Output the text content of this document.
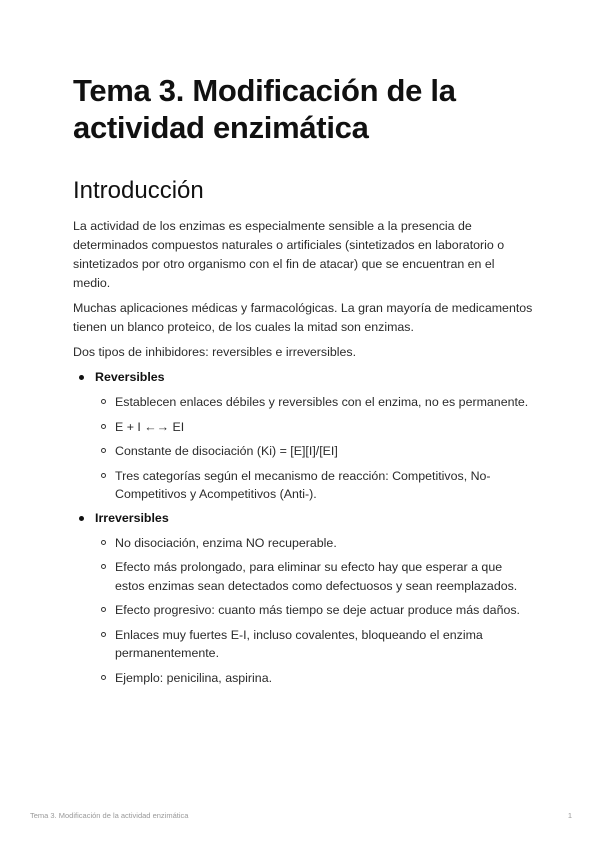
Tema 3. Modificación de la actividad enzimática
Introducción

La actividad de los enzimas es especialmente sensible a la presencia de determinados compuestos naturales o artificiales (sintetizados en laboratorio o sintetizados por otro organismo con el fin de atacar) que se encuentran en el medio.

Muchas aplicaciones médicas y farmacológicas. La gran mayoría de medicamentos tienen un blanco proteico, de los cuales la mitad son enzimas.

Dos tipos de inhibidores: reversibles e irreversibles.

Reversibles
Establecen enlaces débiles y reversibles con el enzima, no es permanente.
E + I ←→ EI
Constante de disociación (Ki) = [E][I]/[EI]
Tres categorías según el mecanismo de reacción: Competitivos, No-Competitivos y Acompetitivos (Anti-).
Irreversibles
No disociación, enzima NO recuperable.
Efecto más prolongado, para eliminar su efecto hay que esperar a que estos enzimas sean detectados como defectuosos y sean reemplazados.
Efecto progresivo: cuanto más tiempo se deje actuar produce más daños.
Enlaces muy fuertes E-I, incluso covalentes, bloqueando el enzima permanentemente.
Ejemplo: penicilina, aspirina.
Tema 3. Modificación de la actividad enzimática	1
